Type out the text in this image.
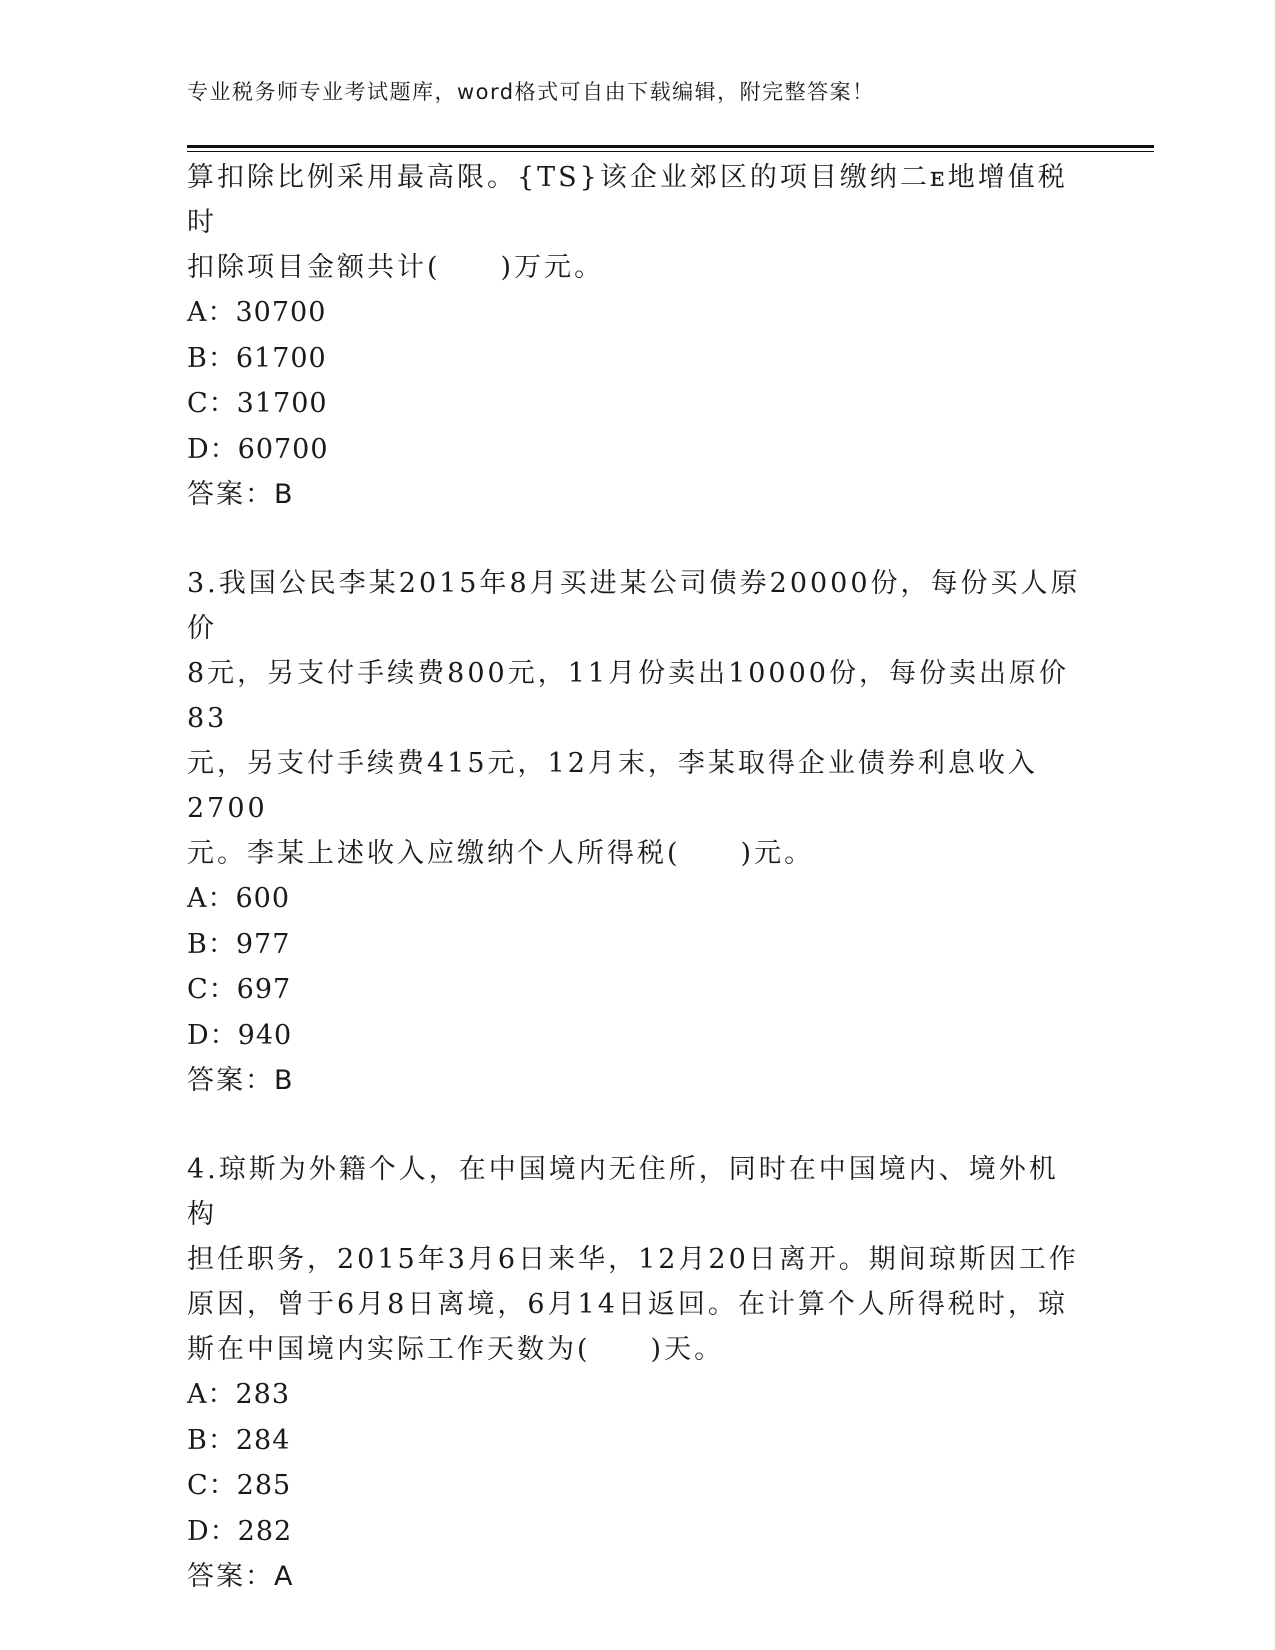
专业税务师专业考试题库，word格式可自由下载编辑，附完整答案！

算扣除比例采用最高限。{TS}该企业郊区的项目缴纳二ᴇ地增值税时

扣除项目金额共计(　　)万元。

A：30700

B：61700

C：31700

D：60700

答案：B

3.我国公民李某2015年8月买进某公司债券20000份，每份买人原价

8元，另支付手续费800元，11月份卖出10000份，每份卖出原价83

元，另支付手续费415元，12月末，李某取得企业债券利息收入2700

元。李某上述收入应缴纳个人所得税(　　)元。

A：600

B：977

C：697

D：940

答案：B

4.琼斯为外籍个人，在中国境内无住所，同时在中国境内、境外机构

担任职务，2015年3月6日来华，12月20日离开。期间琼斯因工作

原因，曾于6月8日离境，6月14日返回。在计算个人所得税时，琼

斯在中国境内实际工作天数为(　　)天。

A：283

B：284

C：285

D：282

答案：A
